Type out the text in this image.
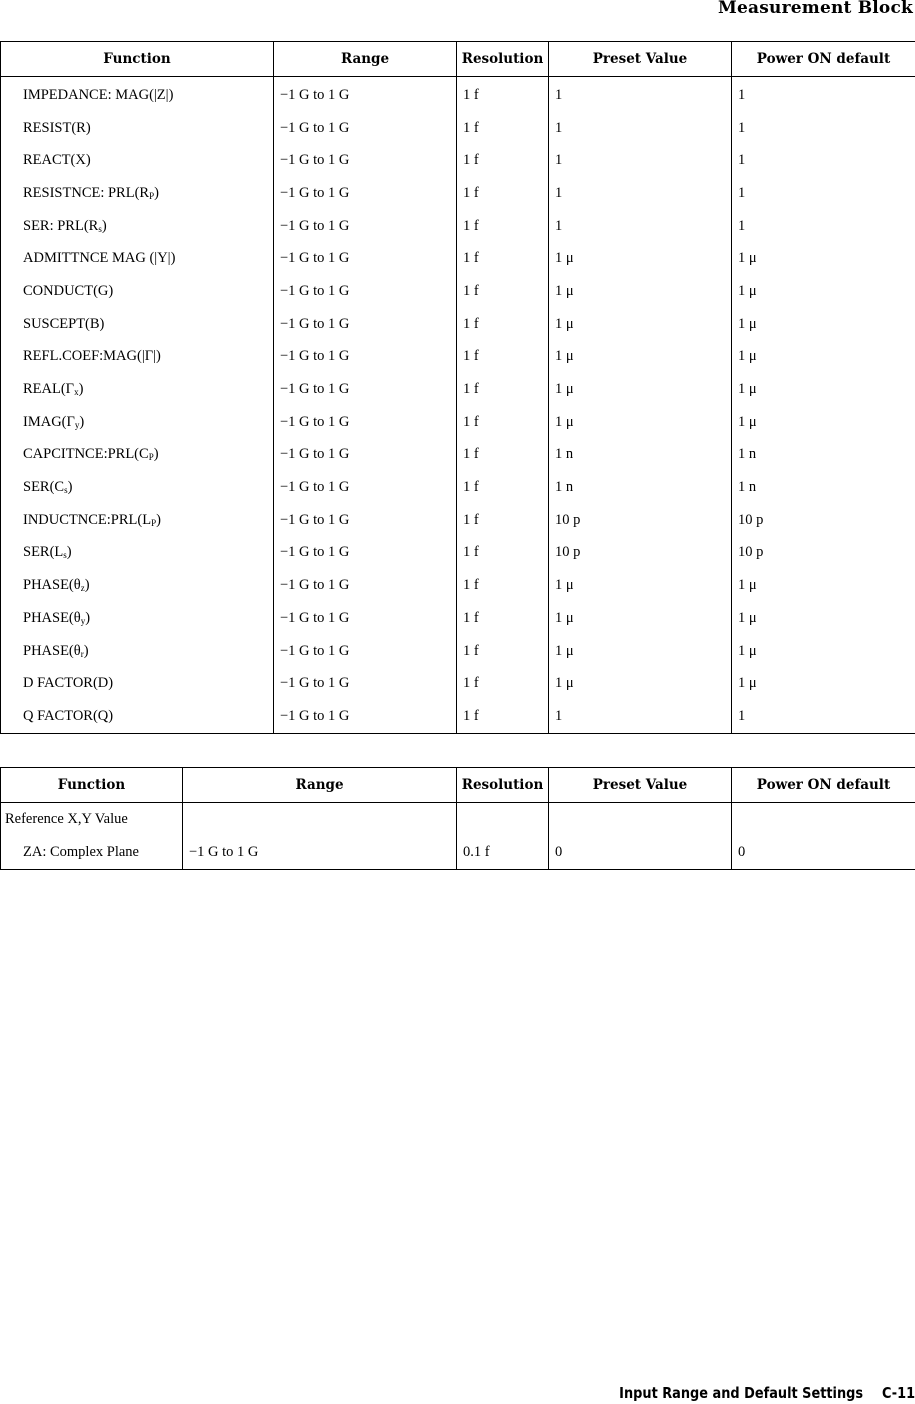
Measurement Block
Function	Range	Resolution	Preset Value	Power ON default
IMPEDANCE: MAG(|Z|)	−1 G to 1 G	1 f	1	1
RESIST(R)	−1 G to 1 G	1 f	1	1
REACT(X)	−1 G to 1 G	1 f	1	1
RESISTNCE: $PRL(R_P)$	−1 G to 1 G	1 f	1	1
SER: $PRL(R_s)$	−1 G to 1 G	1 f	1	1
ADMITTNCE MAG (|Y|)	−1 G to 1 G	1 f	1 μ	1 μ
CONDUCT(G)	−1 G to 1 G	1 f	1 μ	1 μ
SUSCEPT(B)	−1 G to 1 G	1 f	1 μ	1 μ
REFL.COEF:MAG(|Γ|)	−1 G to 1 G	1 f	1 μ	1 μ
$REAL(\Gamma_x)$	−1 G to 1 G	1 f	1 μ	1 μ
$IMAG(\Gamma_y)$	−1 G to 1 G	1 f	1 μ	1 μ
$CAPCITNCE:PRL(C_P)$	−1 G to 1 G	1 f	1 n	1 n
$SER(C_s)$	−1 G to 1 G	1 f	1 n	1 n
$INDUCTNCE:PRL(L_P)$	−1 G to 1 G	1 f	10 p	10 p
$SER(L_s)$	−1 G to 1 G	1 f	10 p	10 p
$PHASE(\theta_z)$	−1 G to 1 G	1 f	1 μ	1 μ
$PHASE(\theta_y)$	−1 G to 1 G	1 f	1 μ	1 μ
$PHASE(\theta_r)$	−1 G to 1 G	1 f	1 μ	1 μ
D FACTOR(D)	−1 G to 1 G	1 f	1 μ	1 μ
Q FACTOR(Q)	−1 G to 1 G	1 f	1	1
Function	Range	Resolution	Preset Value	Power ON default
Reference X,Y Value				
ZA: Complex Plane	−1 G to 1 G	0.1 f	0	0
Input Range and Default Settings C-11
